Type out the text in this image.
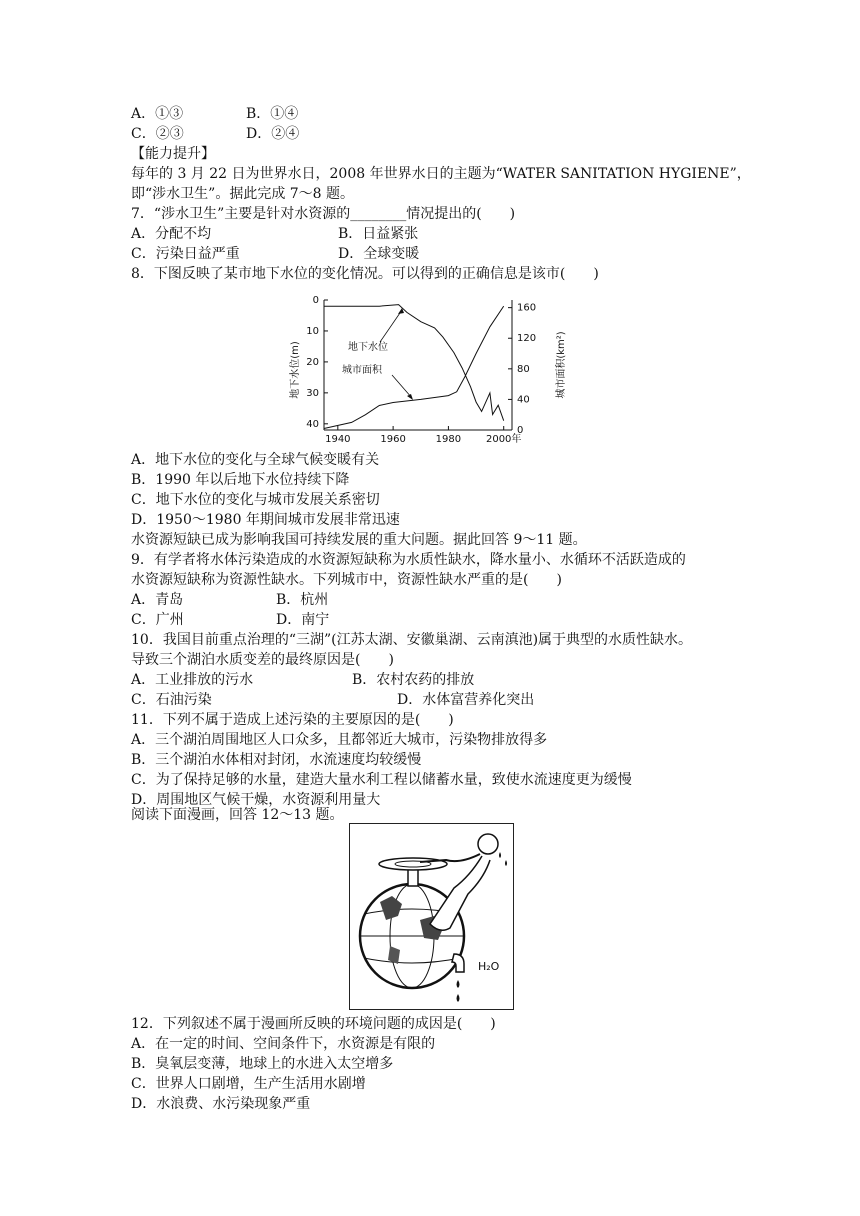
A．①③	B．①④
C．②③	D．②④
【能力提升】
每年的 3 月 22 日为世界水日，2008 年世界水日的主题为“WATER SANITATION HYGIENE”，
即“涉水卫生”。据此完成 7～8 题。
7．“涉水卫生”主要是针对水资源的________情况提出的(　　)
A．分配不均	B．日益紧张
C．污染日益严重	D．全球变暖
8．下图反映了某市地下水位的变化情况。可以得到的正确信息是该市(　　)
0
10
20
30
40
160
120
80
40
0
1940	1960	1980 2000年
地下水位
城市面积
地下水位(m)	城市面积(km²)
A．地下水位的变化与全球气候变暖有关
B．1990 年以后地下水位持续下降
C．地下水位的变化与城市发展关系密切
D．1950～1980 年期间城市发展非常迅速
水资源短缺已成为影响我国可持续发展的重大问题。据此回答 9～11 题。
9．有学者将水体污染造成的水资源短缺称为水质性缺水，降水量小、水循环不活跃造成的
水资源短缺称为资源性缺水。下列城市中，资源性缺水严重的是(　　)
A．青岛	B．杭州
C．广州	D．南宁
10．我国目前重点治理的“三湖”(江苏太湖、安徽巢湖、云南滇池)属于典型的水质性缺水。
导致三个湖泊水质变差的最终原因是(　　)
A．工业排放的污水	B．农村农药的排放
C．石油污染	D．水体富营养化突出
11．下列不属于造成上述污染的主要原因的是(　　)
A．三个湖泊周围地区人口众多，且都邻近大城市，污染物排放得多
B．三个湖泊水体相对封闭，水流速度均较缓慢
C．为了保持足够的水量，建造大量水利工程以储蓄水量，致使水流速度更为缓慢
D．周围地区气候干燥，水资源利用量大
阅读下面漫画，回答 12～13 题。
H₂O
12．下列叙述不属于漫画所反映的环境问题的成因是(　　)
A．在一定的时间、空间条件下，水资源是有限的
B．臭氧层变薄，地球上的水进入太空增多
C．世界人口剧增，生产生活用水剧增
D．水浪费、水污染现象严重
